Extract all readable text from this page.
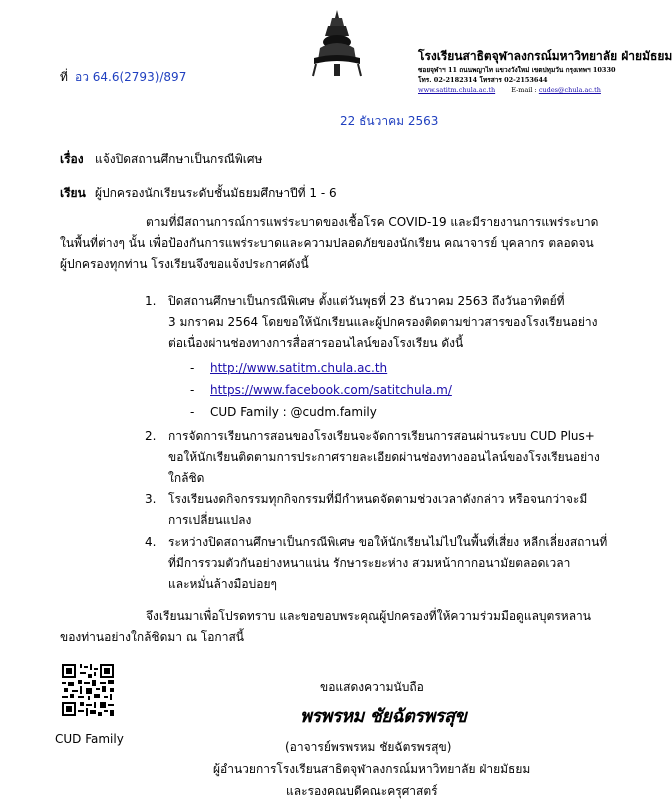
ที่ อว 64.6(2793)/897
โรงเรียนสาธิตจุฬาลงกรณ์มหาวิทยาลัย ฝ่ายมัธยม
ซอยจุฬาฯ 11 ถนนพญาไท แขวงวังใหม่ เขตปทุมวัน กรุงเทพฯ 10330
โทร. 02-2182314 โทรสาร 02-2153644
www.satitm.chula.ac.th E-mail : cudes@chula.ac.th
22 ธันวาคม 2563
เรื่อง แจ้งปิดสถานศึกษาเป็นกรณีพิเศษ
เรียน ผู้ปกครองนักเรียนระดับชั้นมัธยมศึกษาปีที่ 1 - 6
ตามที่มีสถานการณ์การแพร่ระบาดของเชื้อโรค COVID-19 และมีรายงานการแพร่ระบาด
ในพื้นที่ต่างๆ นั้น เพื่อป้องกันการแพร่ระบาดและความปลอดภัยของนักเรียน คณาจารย์ บุคลากร ตลอดจน
ผู้ปกครองทุกท่าน โรงเรียนจึงขอแจ้งประกาศดังนี้
1. ปิดสถานศึกษาเป็นกรณีพิเศษ ตั้งแต่วันพุธที่ 23 ธันวาคม 2563 ถึงวันอาทิตย์ที่
3 มกราคม 2564 โดยขอให้นักเรียนและผู้ปกครองติดตามข่าวสารของโรงเรียนอย่าง
ต่อเนื่องผ่านช่องทางการสื่อสารออนไลน์ของโรงเรียน ดังนี้
- http://www.satitm.chula.ac.th
- https://www.facebook.com/satitchula.m/
- CUD Family : @cudm.family
2. การจัดการเรียนการสอนของโรงเรียนจะจัดการเรียนการสอนผ่านระบบ CUD Plus+
ขอให้นักเรียนติดตามการประกาศรายละเอียดผ่านช่องทางออนไลน์ของโรงเรียนอย่าง
ใกล้ชิด
3. โรงเรียนงดกิจกรรมทุกกิจกรรมที่มีกำหนดจัดตามช่วงเวลาดังกล่าว หรือจนกว่าจะมี
การเปลี่ยนแปลง
4. ระหว่างปิดสถานศึกษาเป็นกรณีพิเศษ ขอให้นักเรียนไม่ไปในพื้นที่เสี่ยง หลีกเลี่ยงสถานที่
ที่มีการรวมตัวกันอย่างหนาแน่น รักษาระยะห่าง สวมหน้ากากอนามัยตลอดเวลา
และหมั่นล้างมือบ่อยๆ
จึงเรียนมาเพื่อโปรดทราบ และขอขอบพระคุณผู้ปกครองที่ให้ความร่วมมือดูแลบุตรหลาน
ของท่านอย่างใกล้ชิดมา ณ โอกาสนี้
CUD Family
ขอแสดงความนับถือ
พรพรหม ชัยฉัตรพรสุข
(อาจารย์พรพรหม ชัยฉัตรพรสุข)
ผู้อำนวยการโรงเรียนสาธิตจุฬาลงกรณ์มหาวิทยาลัย ฝ่ายมัธยม
และรองคณบดีคณะครุศาสตร์
